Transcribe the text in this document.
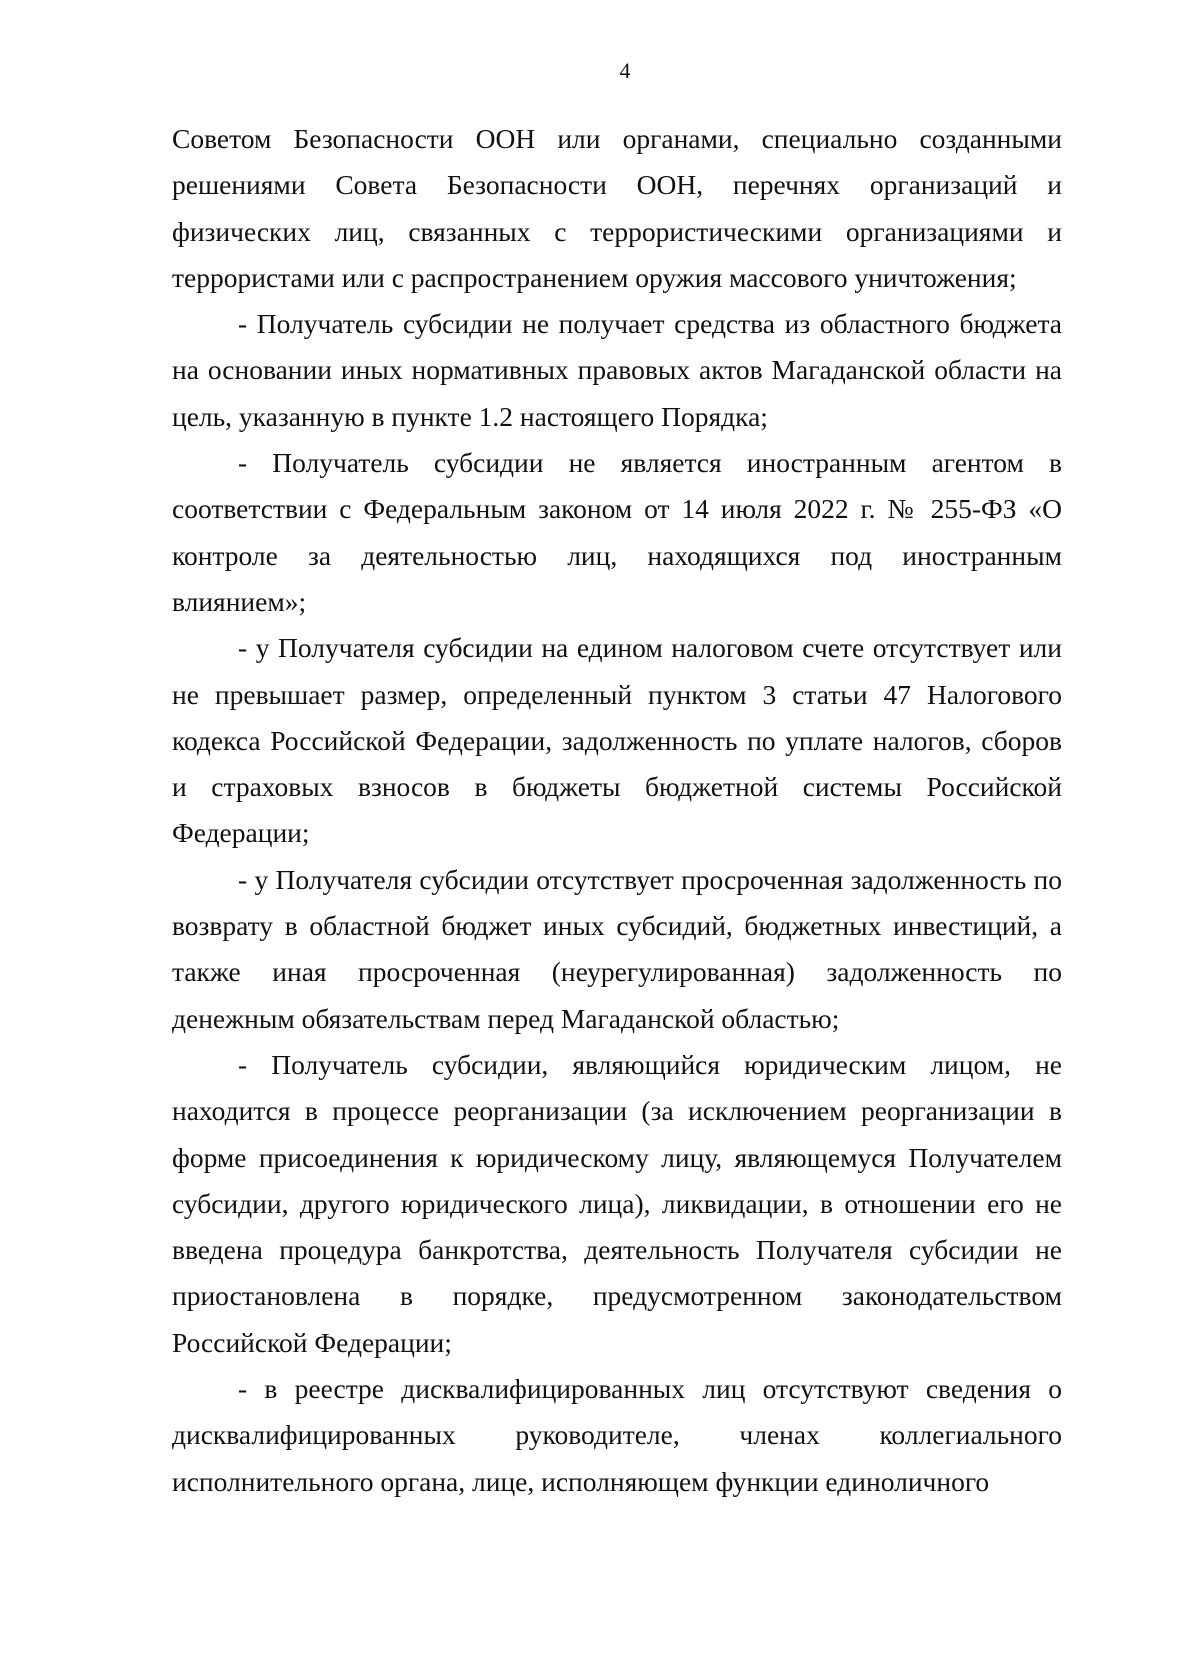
4

Советом Безопасности ООН или органами, специально созданными решениями Совета Безопасности ООН, перечнях организаций и физических лиц, связанных с террористическими организациями и террористами или с распространением оружия массового уничтожения;

- Получатель субсидии не получает средства из областного бюджета на основании иных нормативных правовых актов Магаданской области на цель, указанную в пункте 1.2 настоящего Порядка;

- Получатель субсидии не является иностранным агентом в соответствии с Федеральным законом от 14 июля 2022 г. № 255-ФЗ «О контроле за деятельностью лиц, находящихся под иностранным влиянием»;

- у Получателя субсидии на едином налоговом счете отсутствует или не превышает размер, определенный пунктом 3 статьи 47 Налогового кодекса Российской Федерации, задолженность по уплате налогов, сборов и страховых взносов в бюджеты бюджетной системы Российской Федерации;

- у Получателя субсидии отсутствует просроченная задолженность по возврату в областной бюджет иных субсидий, бюджетных инвестиций, а также иная просроченная (неурегулированная) задолженность по денежным обязательствам перед Магаданской областью;

- Получатель субсидии, являющийся юридическим лицом, не находится в процессе реорганизации (за исключением реорганизации в форме присоединения к юридическому лицу, являющемуся Получателем субсидии, другого юридического лица), ликвидации, в отношении его не введена процедура банкротства, деятельность Получателя субсидии не приостановлена в порядке, предусмотренном законодательством Российской Федерации;

- в реестре дисквалифицированных лиц отсутствуют сведения о дисквалифицированных руководителе, членах коллегиального исполнительного органа, лице, исполняющем функции единоличного
